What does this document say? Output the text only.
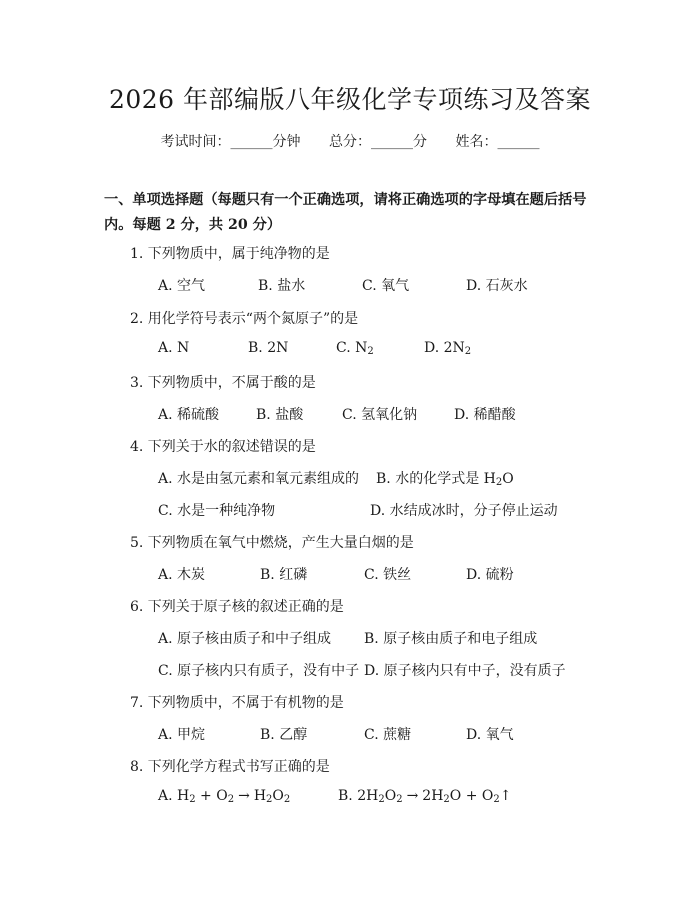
2026 年部编版八年级化学专项练习及答案
考试时间：______分钟 总分：______分 姓名：______
一、单项选择题（每题只有一个正确选项，请将正确选项的字母填在题后括号内。每题 2 分，共 20 分）
1. 下列物质中，属于纯净物的是
A. 空气	B. 盐水	C. 氧气	D. 石灰水
2. 用化学符号表示“两个氮原子”的是
A. N	B. 2N	C. $N_2$	D. $2N_2$
3. 下列物质中，不属于酸的是
A. 稀硫酸	B. 盐酸	C. 氢氧化钠	D. 稀醋酸
4. 下列关于水的叙述错误的是
A. 水是由氢元素和氧元素组成的 B. 水的化学式是 $H_2O$
C. 水是一种纯净物	D. 水结成冰时，分子停止运动
5. 下列物质在氧气中燃烧，产生大量白烟的是
A. 木炭	B. 红磷	C. 铁丝	D. 硫粉
6. 下列关于原子核的叙述正确的是
A. 原子核由质子和中子组成 B. 原子核由质子和电子组成
C. 原子核内只有质子，没有中子 D. 原子核内只有中子，没有质子
7. 下列物质中，不属于有机物的是
A. 甲烷	B. 乙醇	C. 蔗糖	D. 氧气
8. 下列化学方程式书写正确的是
A. $H_2 + O_2 \to H_2O_2$	B. $2H_2O_2 \to 2H_2O$ + $O_2↑$
